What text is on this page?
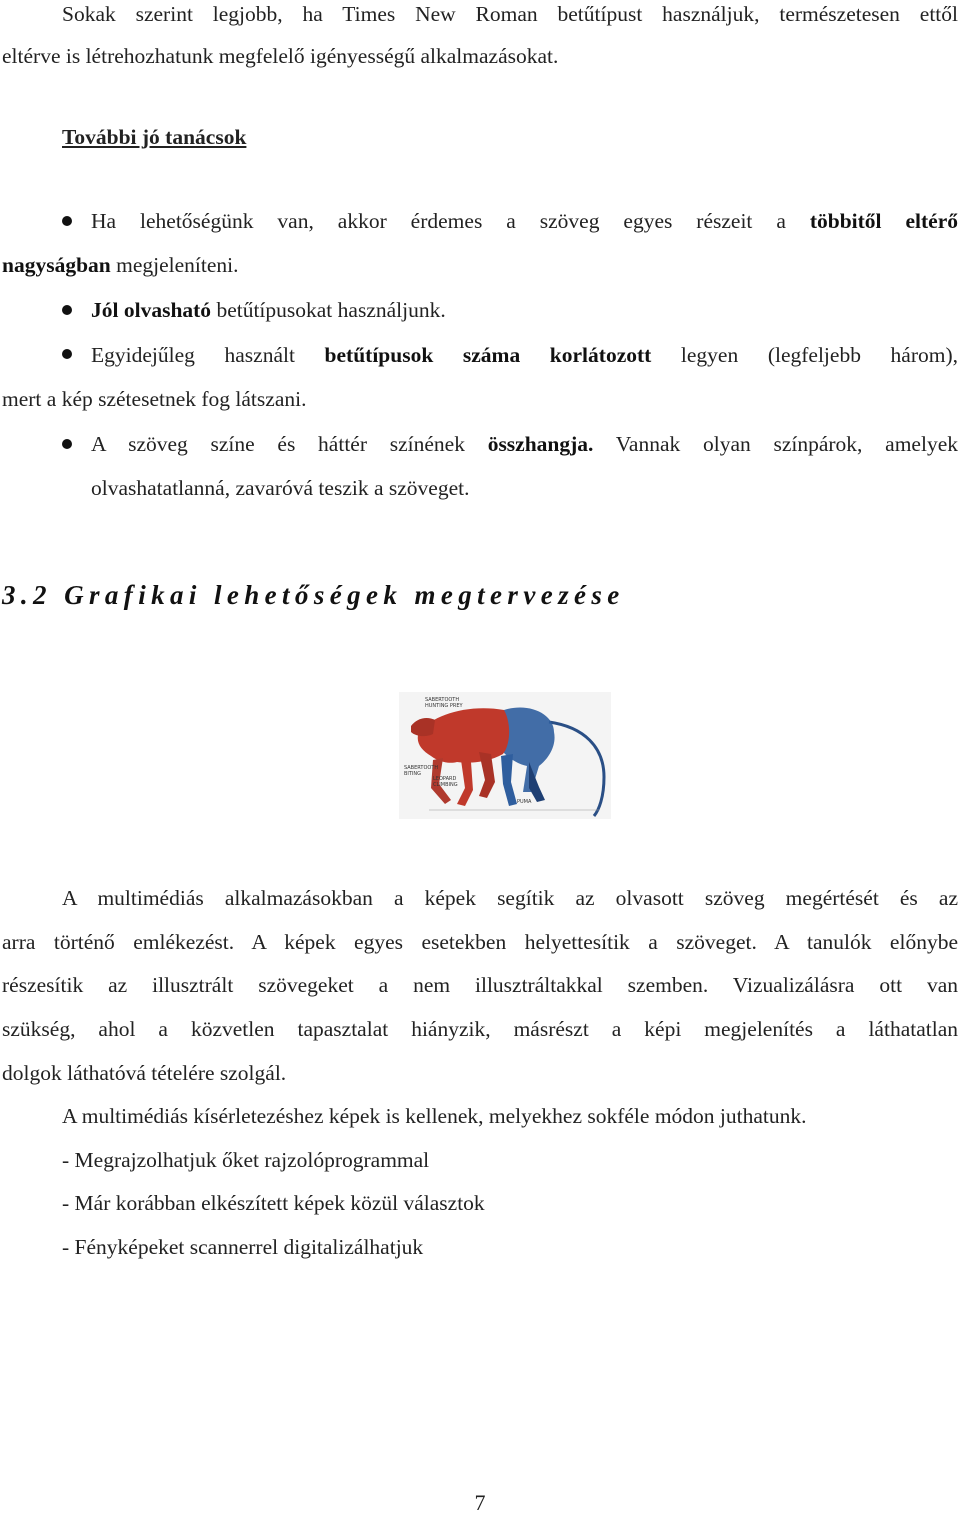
Sokak szerint legjobb, ha Times New Roman betűtípust használjuk, természetesen ettől
eltérve is létrehozhatunk megfelelő igényességű alkalmazásokat.
További jó tanácsok
Ha lehetőségünk van, akkor érdemes a szöveg egyes részeit a többitől eltérő
nagyságban megjeleníteni.
Jól olvasható betűtípusokat használjunk.
Egyidejűleg használt betűtípusok száma korlátozott legyen (legfeljebb három),
mert a kép szétesetnek fog látszani.
A szöveg színe és háttér színének összhangja. Vannak olyan színpárok, amelyek
olvashatatlanná, zavaróvá teszik a szöveget.
3.2 Grafikai lehetőségek megtervezése
SABERTOOTH
HUNTING PREY
SABERTOOTH
BITING
LEOPARD
CLIMBING
PUMA
A multimédiás alkalmazásokban a képek segítik az olvasott szöveg megértését és az
arra történő emlékezést. A képek egyes esetekben helyettesítik a szöveget. A tanulók előnybe
részesítik az illusztrált szövegeket a nem illusztráltakkal szemben. Vizualizálásra ott van
szükség, ahol a közvetlen tapasztalat hiányzik, másrészt a képi megjelenítés a láthatatlan
dolgok láthatóvá tételére szolgál.
A multimédiás kísérletezéshez képek is kellenek, melyekhez sokféle módon juthatunk.
- Megrajzolhatjuk őket rajzolóprogrammal
- Már korábban elkészített képek közül választok
- Fényképeket scannerrel digitalizálhatjuk
7
